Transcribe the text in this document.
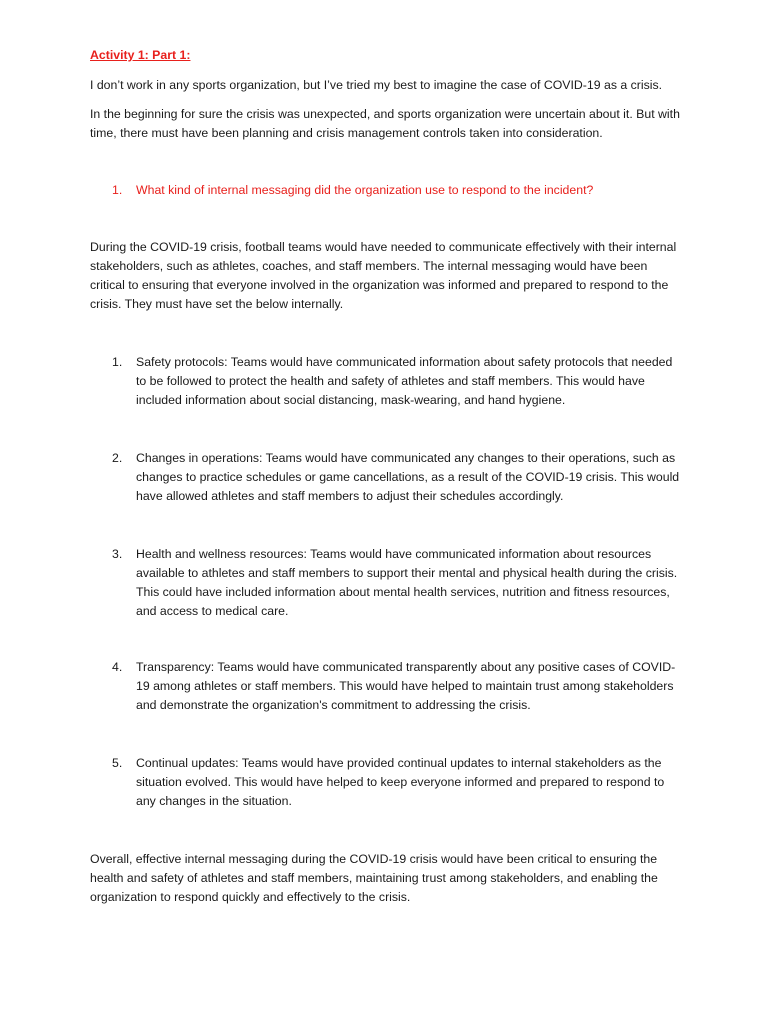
Activity 1: Part 1:

I don’t work in any sports organization, but I’ve tried my best to imagine the case of COVID-19 as a crisis.

In the beginning for sure the crisis was unexpected, and sports organization were uncertain about it. But with time, there must have been planning and crisis management controls taken into consideration.

1.	What kind of internal messaging did the organization use to respond to the incident?

During the COVID-19 crisis, football teams would have needed to communicate effectively with their internal stakeholders, such as athletes, coaches, and staff members. The internal messaging would have been critical to ensuring that everyone involved in the organization was informed and prepared to respond to the crisis. They must have set the below internally.

1.	Safety protocols: Teams would have communicated information about safety protocols that needed to be followed to protect the health and safety of athletes and staff members. This would have included information about social distancing, mask-wearing, and hand hygiene.
2.	Changes in operations: Teams would have communicated any changes to their operations, such as changes to practice schedules or game cancellations, as a result of the COVID-19 crisis. This would have allowed athletes and staff members to adjust their schedules accordingly.
3.	Health and wellness resources: Teams would have communicated information about resources available to athletes and staff members to support their mental and physical health during the crisis. This could have included information about mental health services, nutrition and fitness resources, and access to medical care.
4.	Transparency: Teams would have communicated transparently about any positive cases of COVID-19 among athletes or staff members. This would have helped to maintain trust among stakeholders and demonstrate the organization's commitment to addressing the crisis.
5.	Continual updates: Teams would have provided continual updates to internal stakeholders as the situation evolved. This would have helped to keep everyone informed and prepared to respond to any changes in the situation.

Overall, effective internal messaging during the COVID-19 crisis would have been critical to ensuring the health and safety of athletes and staff members, maintaining trust among stakeholders, and enabling the organization to respond quickly and effectively to the crisis.
